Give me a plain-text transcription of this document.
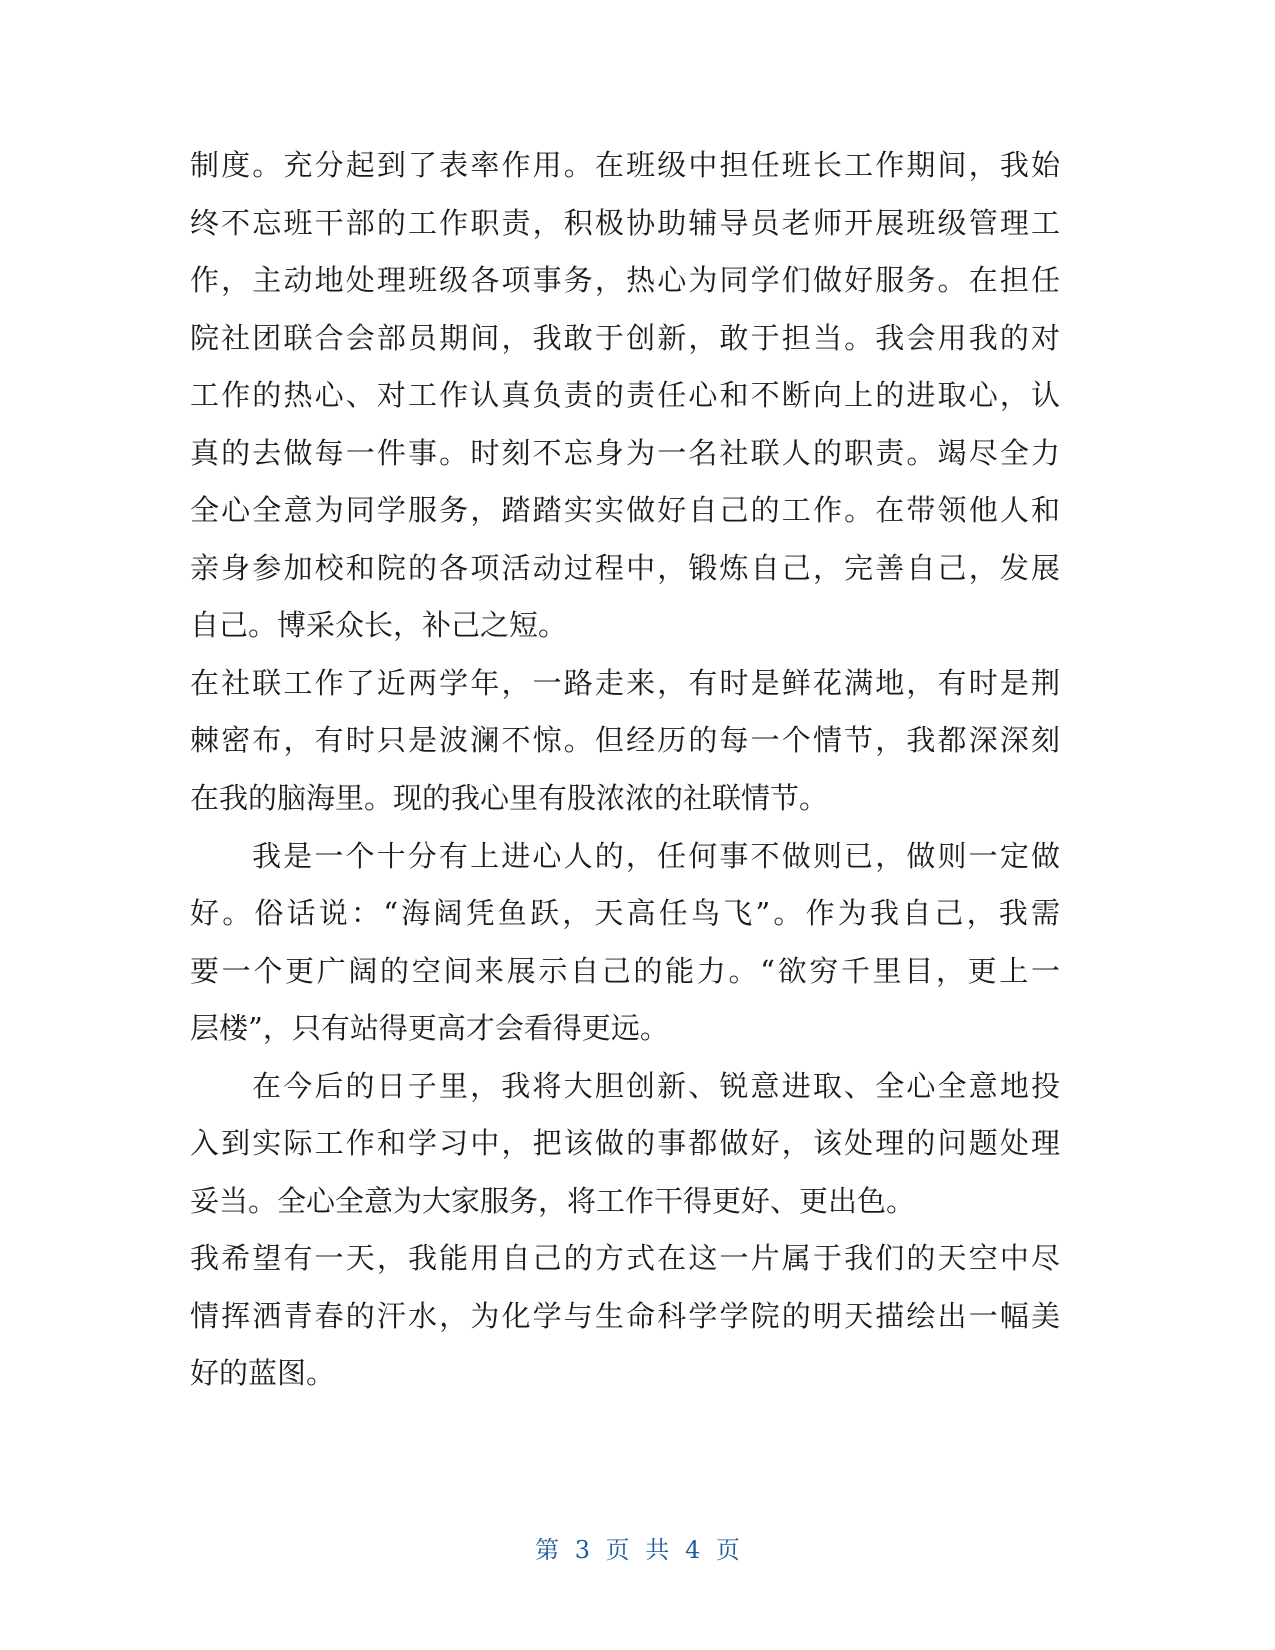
制度。充分起到了表率作用。在班级中担任班长工作期间，我始
终不忘班干部的工作职责，积极协助辅导员老师开展班级管理工
作，主动地处理班级各项事务，热心为同学们做好服务。在担任
院社团联合会部员期间，我敢于创新，敢于担当。我会用我的对
工作的热心、对工作认真负责的责任心和不断向上的进取心，认
真的去做每一件事。时刻不忘身为一名社联人的职责。竭尽全力
全心全意为同学服务，踏踏实实做好自己的工作。在带领他人和
亲身参加校和院的各项活动过程中，锻炼自己，完善自己，发展
自己。博采众长，补己之短。
在社联工作了近两学年，一路走来，有时是鲜花满地，有时是荆
棘密布，有时只是波澜不惊。但经历的每一个情节，我都深深刻
在我的脑海里。现的我心里有股浓浓的社联情节。
我是一个十分有上进心人的，任何事不做则已，做则一定做
好。俗话说：“海阔凭鱼跃，天高任鸟飞”。作为我自己，我需
要一个更广阔的空间来展示自己的能力。“欲穷千里目，更上一
层楼”，只有站得更高才会看得更远。
在今后的日子里，我将大胆创新、锐意进取、全心全意地投
入到实际工作和学习中，把该做的事都做好，该处理的问题处理
妥当。全心全意为大家服务，将工作干得更好、更出色。
我希望有一天，我能用自己的方式在这一片属于我们的天空中尽
情挥洒青春的汗水，为化学与生命科学学院的明天描绘出一幅美
好的蓝图。
第 3 页 共 4 页
